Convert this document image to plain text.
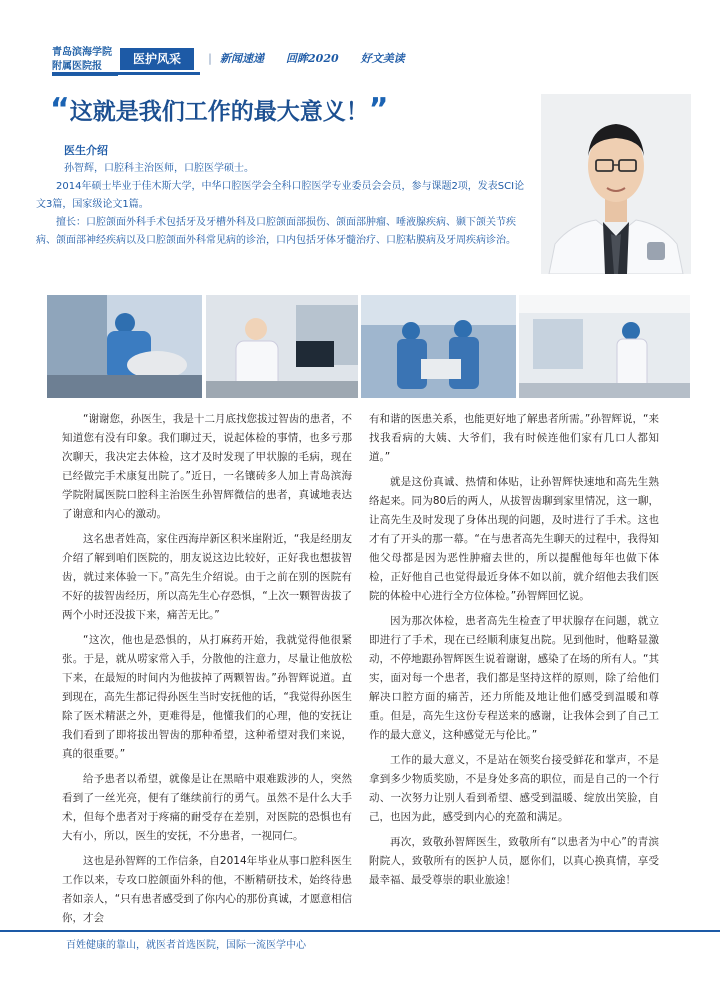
青岛滨海学院
附属医院报
医护风采	| 新闻速递 回眸2020 好文美读
“这就是我们工作的最大意义！”
医生介绍

孙智辉，口腔科主治医师，口腔医学硕士。

2014年硕士毕业于佳木斯大学，中华口腔医学会全科口腔医学专业委员会会员，参与课题2项，发表SCI论文3篇，国家级论文1篇。

擅长：口腔颌面外科手术包括牙及牙槽外科及口腔颌面部损伤、颌面部肿瘤、唾液腺疾病、颞下颌关节疾病、颌面部神经疾病以及口腔颌面外科常见病的诊治，口内包括牙体牙髓治疗、口腔粘膜病及牙周疾病诊治。

“谢谢您，孙医生，我是十二月底找您拔过智齿的患者，不知道您有没有印象。我们聊过天，说起体检的事情，也多亏那次聊天，我决定去体检，这才及时发现了甲状腺的毛病，现在已经做完手术康复出院了。”近日，一名镶砖多人加上青岛滨海学院附属医院口腔科主治医生孙智辉微信的患者，真诚地表达了谢意和内心的激动。

这名患者姓高，家住西海岸新区积米崖附近，“我是经朋友介绍了解到咱们医院的，朋友说这边比较好，正好我也想拔智齿，就过来体验一下。”高先生介绍说。由于之前在别的医院有不好的拔智齿经历，所以高先生心存恐惧，“上次一颗智齿拔了两个小时还没拔下来，痛苦无比。”

“这次，他也是恐惧的，从打麻药开始，我就觉得他很紧张。于是，就从唠家常入手，分散他的注意力，尽量让他放松下来，在最短的时间内为他拔掉了两颗智齿。”孙智辉说道。直到现在，高先生都记得孙医生当时安抚他的话，“我觉得孙医生除了医术精湛之外，更难得是，他懂我们的心理，他的安抚让我们看到了即将拔出智齿的那种希望，这种希望对我们来说，真的很重要。”

给予患者以希望，就像是让在黑暗中艰难跋涉的人，突然看到了一丝光亮，便有了继续前行的勇气。虽然不是什么大手术，但每个患者对于疼痛的耐受存在差别，对医院的恐惧也有大有小，所以，医生的安抚，不分患者，一视同仁。

这也是孙智辉的工作信条，自2014年毕业从事口腔科医生工作以来，专攻口腔颌面外科的他，不断精研技术，始终待患者如亲人，“只有患者感受到了你内心的那份真诚，才愿意相信你，才会

有和谐的医患关系，也能更好地了解患者所需。”孙智辉说，“来找我看病的大姨、大爷们，我有时候连他们家有几口人都知道。”

就是这份真诚、热情和体贴，让孙智辉快速地和高先生熟络起来。同为80后的两人，从拔智齿聊到家里情况，这一聊，让高先生及时发现了身体出现的问题，及时进行了手术。这也才有了开头的那一幕。“在与患者高先生聊天的过程中，我得知他父母都是因为恶性肿瘤去世的，所以提醒他每年也做下体检，正好他自己也觉得最近身体不如以前，就介绍他去我们医院的体检中心进行全方位体检。”孙智辉回忆说。

因为那次体检，患者高先生检查了甲状腺存在问题，就立即进行了手术，现在已经顺利康复出院。见到他时，他略显激动，不停地跟孙智辉医生说着谢谢，感染了在场的所有人。“其实，面对每一个患者，我们都是坚持这样的原则，除了给他们解决口腔方面的痛苦，还力所能及地让他们感受到温暖和尊重。但是，高先生这份专程送来的感谢，让我体会到了自己工作的最大意义，这种感觉无与伦比。”

工作的最大意义，不是站在领奖台接受鲜花和掌声，不是拿到多少物质奖励，不是身处多高的职位，而是自己的一个行动、一次努力让别人看到希望、感受到温暖、绽放出笑脸，自己，也因为此，感受到内心的充盈和满足。

再次，致敬孙智辉医生，致敬所有“以患者为中心”的青滨附院人，致敬所有的医护人员，愿你们，以真心换真情，享受最幸福、最受尊崇的职业旅途！

百姓健康的靠山，就医者首选医院，国际一流医学中心
